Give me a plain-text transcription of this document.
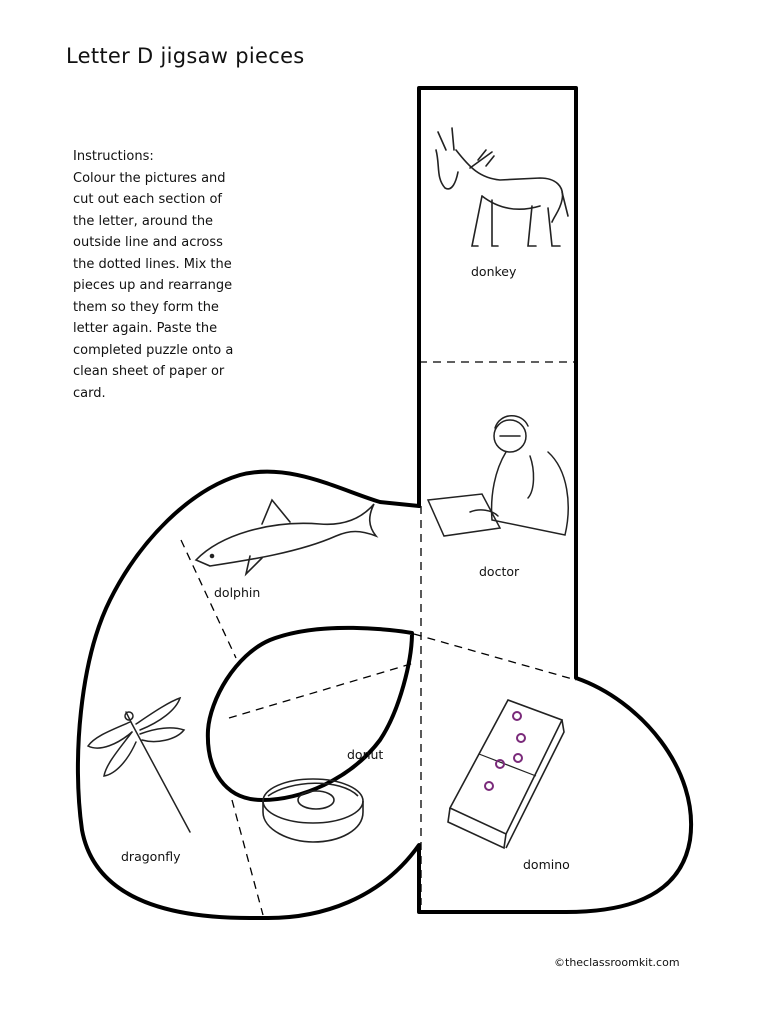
Letter D jigsaw pieces
Instructions:
Colour the pictures and
cut out each section of
the letter, around the
outside line and across
the dotted lines. Mix the
pieces up and rearrange
them so they form the
letter again. Paste the
completed puzzle onto a
clean sheet of paper or
card.
donkey
doctor
dolphin
donut
dragonfly
domino
©theclassroomkit.com
